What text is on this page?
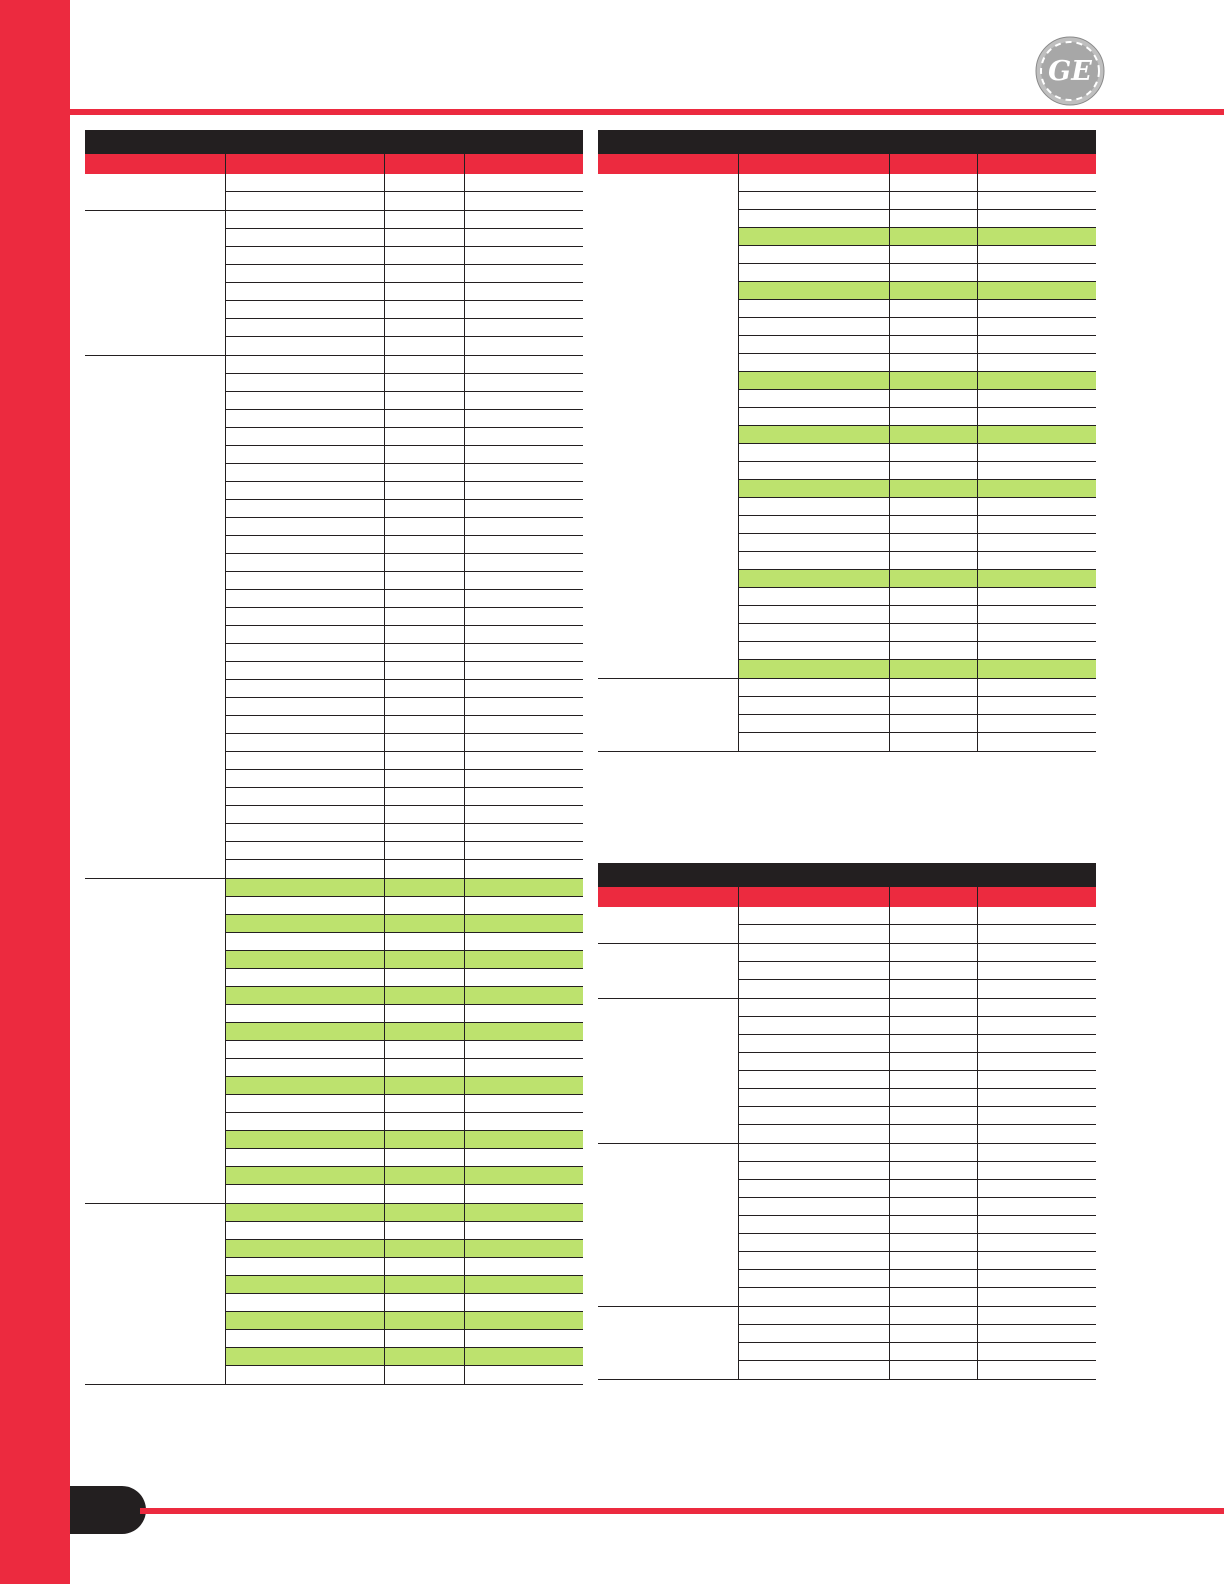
GE
